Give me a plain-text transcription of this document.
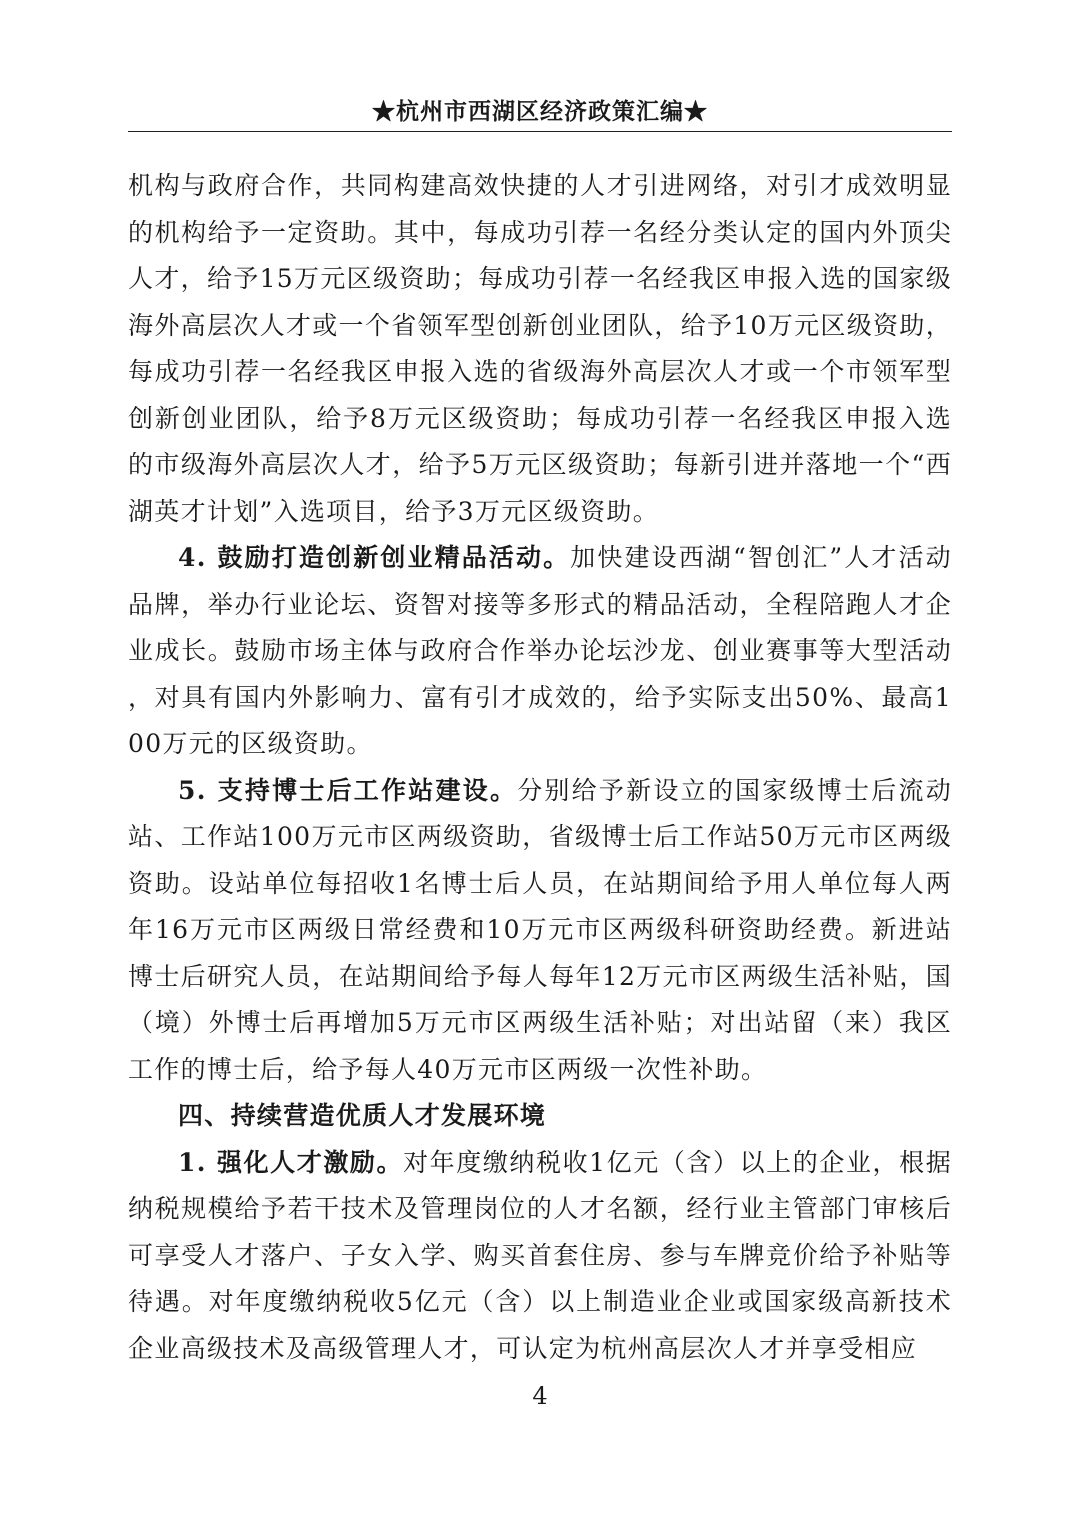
★杭州市西湖区经济政策汇编★

机构与政府合作，共同构建高效快捷的人才引进网络，对引才成效明显的机构给予一定资助。其中，每成功引荐一名经分类认定的国内外顶尖人才，给予15万元区级资助；每成功引荐一名经我区申报入选的国家级海外高层次人才或一个省领军型创新创业团队，给予10万元区级资助，每成功引荐一名经我区申报入选的省级海外高层次人才或一个市领军型创新创业团队，给予8万元区级资助；每成功引荐一名经我区申报入选的市级海外高层次人才，给予5万元区级资助；每新引进并落地一个“西湖英才计划”入选项目，给予3万元区级资助。

4. 鼓励打造创新创业精品活动。加快建设西湖“智创汇”人才活动品牌，举办行业论坛、资智对接等多形式的精品活动，全程陪跑人才企业成长。鼓励市场主体与政府合作举办论坛沙龙、创业赛事等大型活动，对具有国内外影响力、富有引才成效的，给予实际支出50%、最高100万元的区级资助。

5. 支持博士后工作站建设。分别给予新设立的国家级博士后流动站、工作站100万元市区两级资助，省级博士后工作站50万元市区两级资助。设站单位每招收1名博士后人员，在站期间给予用人单位每人两年16万元市区两级日常经费和10万元市区两级科研资助经费。新进站博士后研究人员，在站期间给予每人每年12万元市区两级生活补贴，国（境）外博士后再增加5万元市区两级生活补贴；对出站留（来）我区工作的博士后，给予每人40万元市区两级一次性补助。

四、持续营造优质人才发展环境

1. 强化人才激励。对年度缴纳税收1亿元（含）以上的企业，根据纳税规模给予若干技术及管理岗位的人才名额，经行业主管部门审核后可享受人才落户、子女入学、购买首套住房、参与车牌竞价给予补贴等待遇。对年度缴纳税收5亿元（含）以上制造业企业或国家级高新技术企业高级技术及高级管理人才，可认定为杭州高层次人才并享受相应

4
